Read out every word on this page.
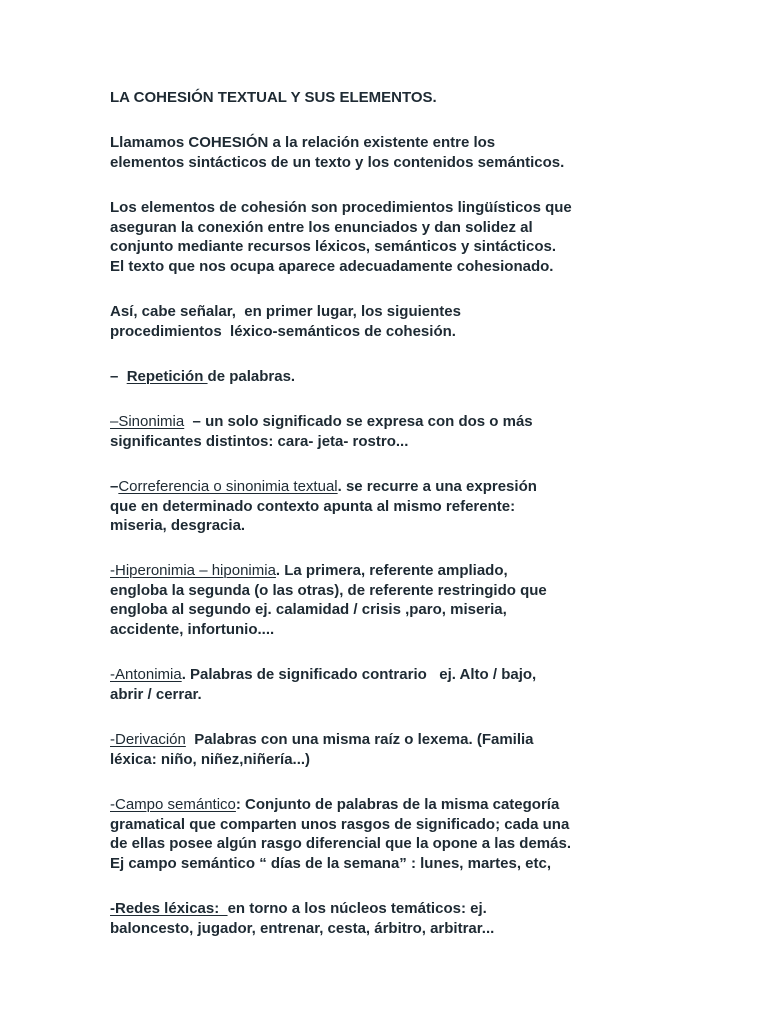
LA COHESIÓN TEXTUAL Y SUS ELEMENTOS.

Llamamos COHESIÓN a la relación existente entre los
elementos sintácticos de un texto y los contenidos semánticos.

Los elementos de cohesión son procedimientos lingüísticos que
aseguran la conexión entre los enunciados y dan solidez al
conjunto mediante recursos léxicos, semánticos y sintácticos.
El texto que nos ocupa aparece adecuadamente cohesionado.

Así, cabe señalar,  en primer lugar, los siguientes
procedimientos  léxico-semánticos de cohesión.

–  Repetición de palabras.

–Sinonimia  – un solo significado se expresa con dos o más
significantes distintos: cara- jeta- rostro...

–Correferencia o sinonimia textual. se recurre a una expresión
que en determinado contexto apunta al mismo referente:
miseria, desgracia.

-Hiperonimia – hiponimia. La primera, referente ampliado,
engloba la segunda (o las otras), de referente restringido que
engloba al segundo ej. calamidad / crisis ,paro, miseria,
accidente, infortunio....

-Antonimia. Palabras de significado contrario   ej. Alto / bajo,
abrir / cerrar.

-Derivación  Palabras con una misma raíz o lexema. (Familia
léxica: niño, niñez,niñería...)

-Campo semántico: Conjunto de palabras de la misma categoría
gramatical que comparten unos rasgos de significado; cada una
de ellas posee algún rasgo diferencial que la opone a las demás.
Ej campo semántico “ días de la semana” : lunes, martes, etc,

-Redes léxicas:  en torno a los núcleos temáticos: ej.
baloncesto, jugador, entrenar, cesta, árbitro, arbitrar...
